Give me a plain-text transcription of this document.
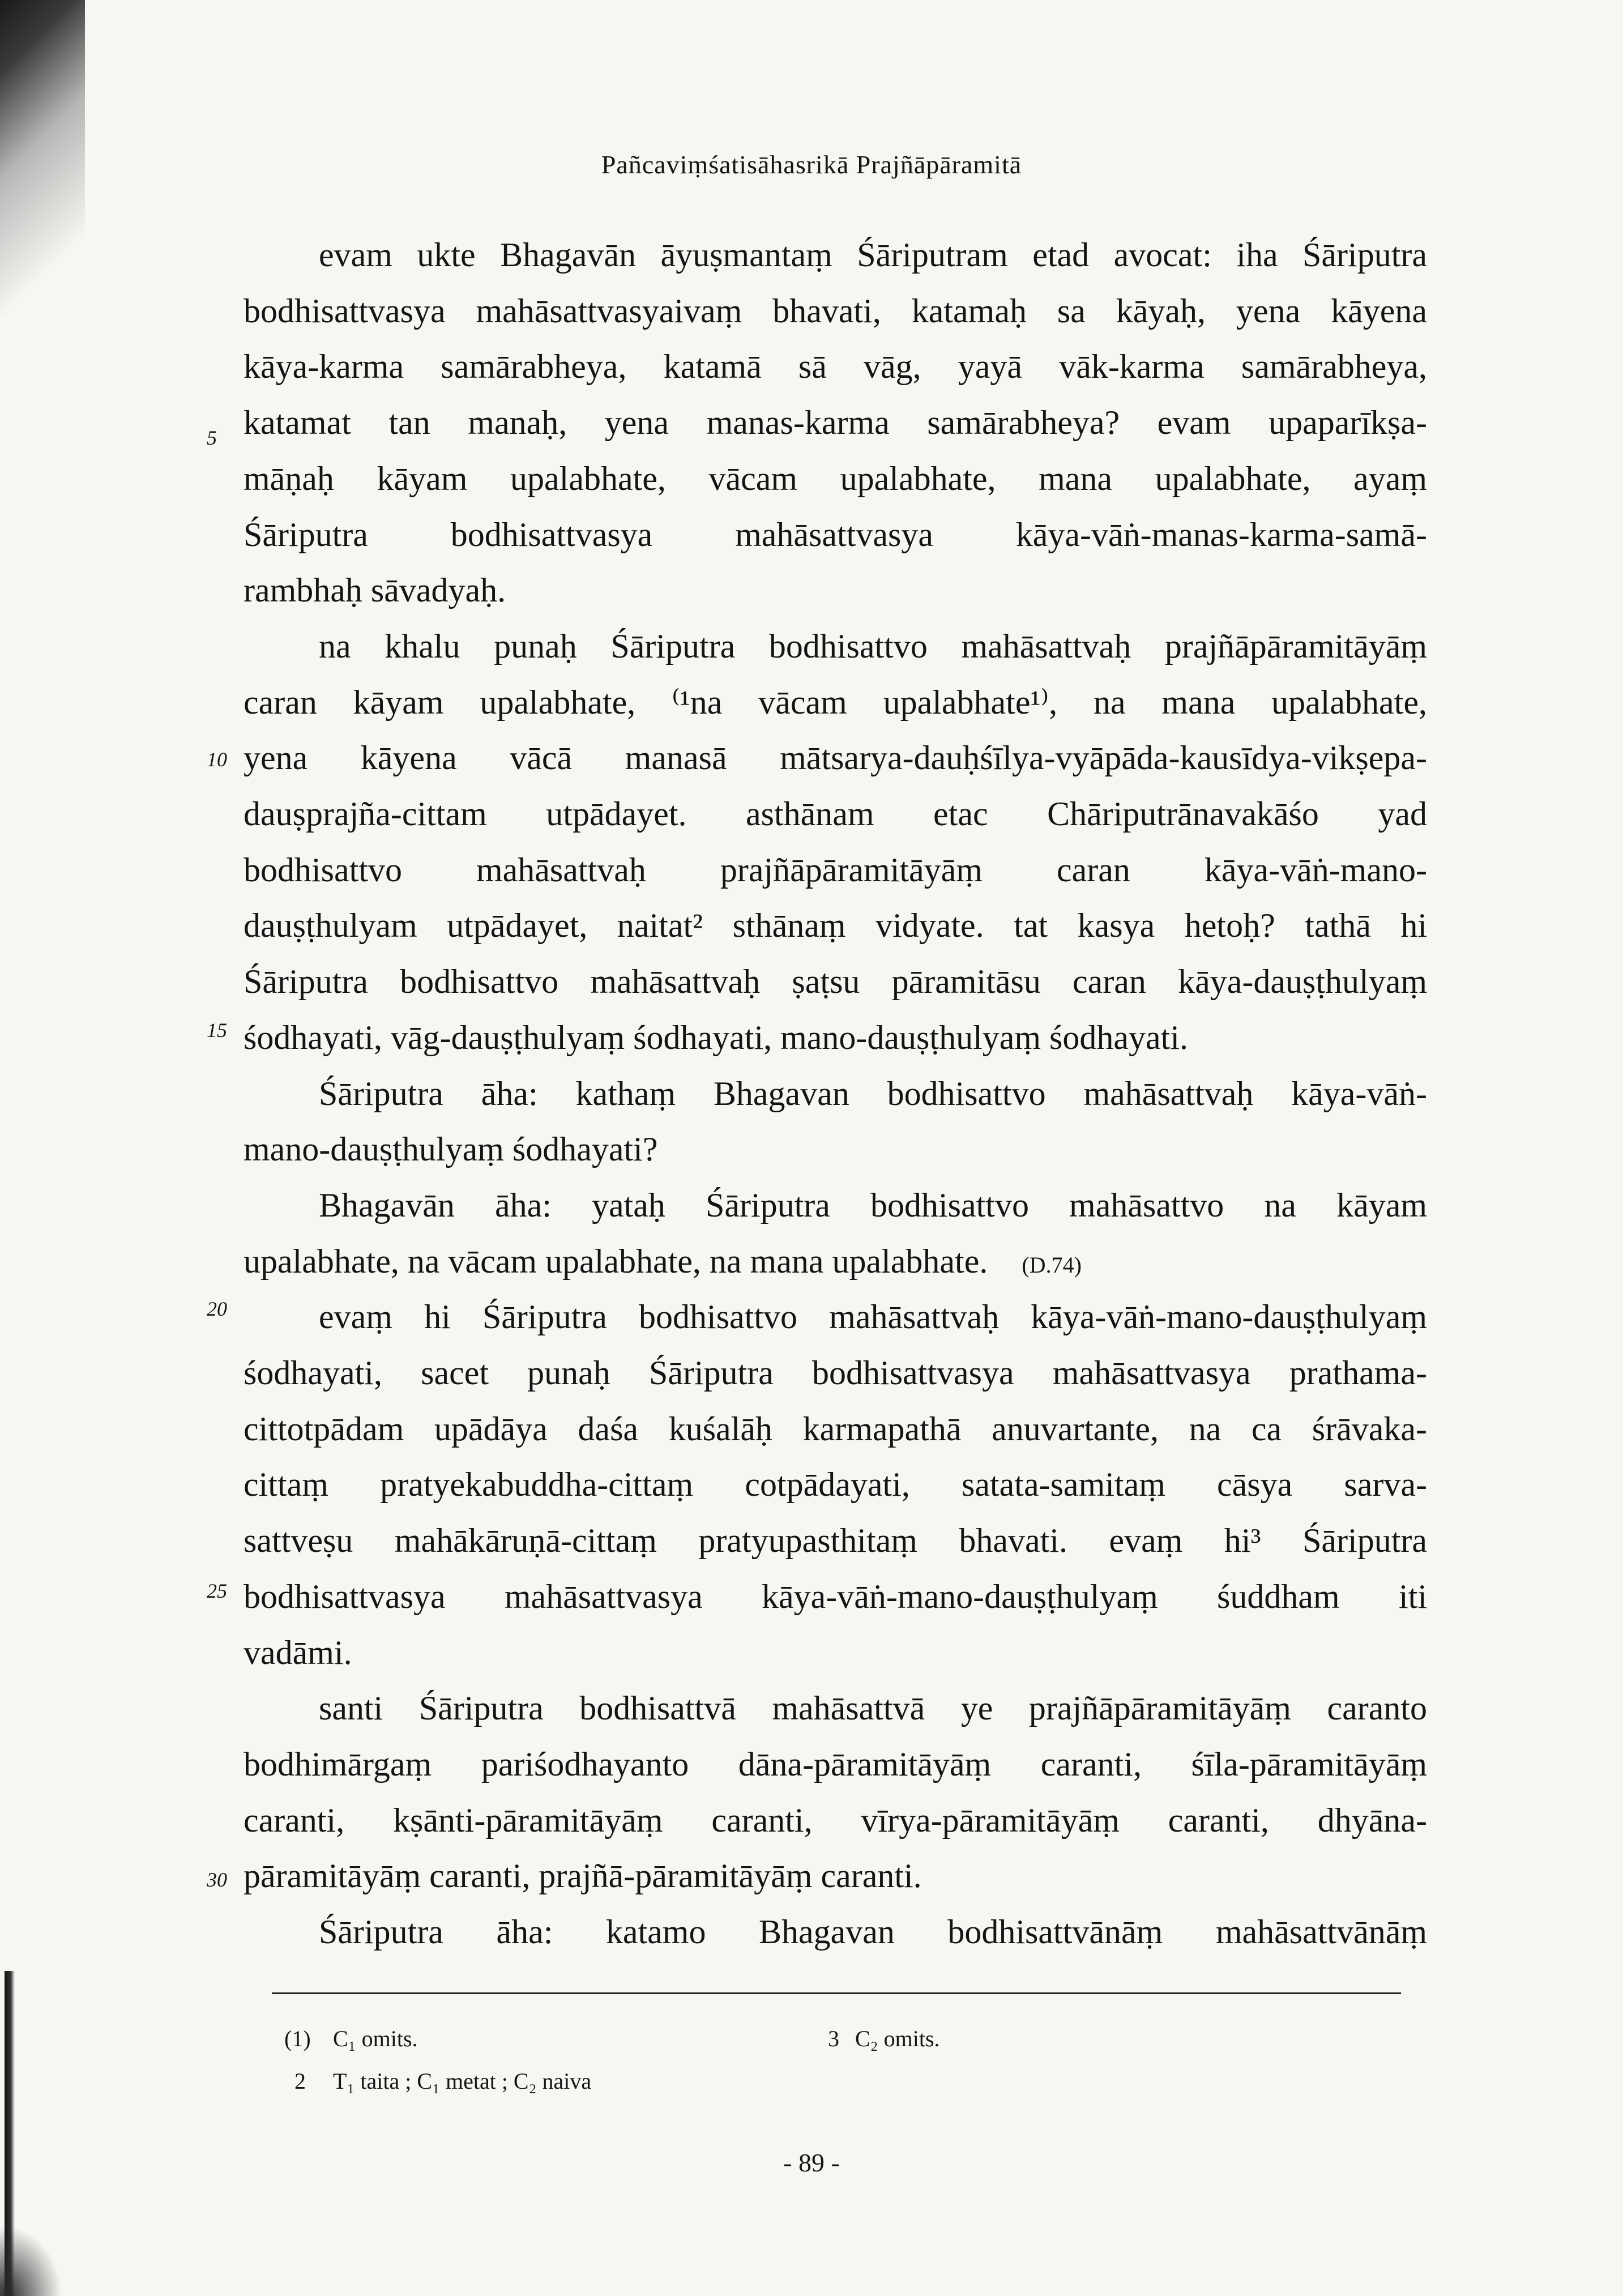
Pañcaviṃśatisāhasrikā Prajñāpāramitā
evam ukte Bhagavān āyuṣmantaṃ Śāriputram etad avocat: iha Śāriputra
bodhisattvasya mahāsattvasyaivaṃ bhavati, katamaḥ sa kāyaḥ, yena kāyena
kāya-karma samārabheya, katamā sā vāg, yayā vāk-karma samārabheya,
katamat tan manaḥ, yena manas-karma samārabheya? evam upaparīkṣa-
māṇaḥ kāyam upalabhate, vācam upalabhate, mana upalabhate, ayaṃ
Śāriputra bodhisattvasya mahāsattvasya kāya-vāṅ-manas-karma-samā-
rambhaḥ sāvadyaḥ.
na khalu punaḥ Śāriputra bodhisattvo mahāsattvaḥ prajñāpāramitāyāṃ
caran kāyam upalabhate, ⁽¹na vācam upalabhate¹⁾, na mana upalabhate,
yena kāyena vācā manasā mātsarya-dauḥśīlya-vyāpāda-kausīdya-vikṣepa-
dauṣprajña-cittam utpādayet. asthānam etac Chāriputrānavakāśo yad
bodhisattvo mahāsattvaḥ prajñāpāramitāyāṃ caran kāya-vāṅ-mano-
dauṣṭhulyam utpādayet, naitat² sthānaṃ vidyate. tat kasya hetoḥ? tathā hi
Śāriputra bodhisattvo mahāsattvaḥ ṣaṭsu pāramitāsu caran kāya-dauṣṭhulyaṃ
śodhayati, vāg-dauṣṭhulyaṃ śodhayati, mano-dauṣṭhulyaṃ śodhayati.
Śāriputra āha: kathaṃ Bhagavan bodhisattvo mahāsattvaḥ kāya-vāṅ-
mano-dauṣṭhulyaṃ śodhayati?
Bhagavān āha: yataḥ Śāriputra bodhisattvo mahāsattvo na kāyam
upalabhate, na vācam upalabhate, na mana upalabhate. (D.74)
evaṃ hi Śāriputra bodhisattvo mahāsattvaḥ kāya-vāṅ-mano-dauṣṭhulyaṃ
śodhayati, sacet punaḥ Śāriputra bodhisattvasya mahāsattvasya prathama-
cittotpādam upādāya daśa kuśalāḥ karmapathā anuvartante, na ca śrāvaka-
cittaṃ pratyekabuddha-cittaṃ cotpādayati, satata-samitaṃ cāsya sarva-
sattveṣu mahākāruṇā-cittaṃ pratyupasthitaṃ bhavati. evaṃ hi³ Śāriputra
bodhisattvasya mahāsattvasya kāya-vāṅ-mano-dauṣṭhulyaṃ śuddham iti
vadāmi.
santi Śāriputra bodhisattvā mahāsattvā ye prajñāpāramitāyāṃ caranto
bodhimārgaṃ pariśodhayanto dāna-pāramitāyāṃ caranti, śīla-pāramitāyāṃ
caranti, kṣānti-pāramitāyāṃ caranti, vīrya-pāramitāyāṃ caranti, dhyāna-
pāramitāyāṃ caranti, prajñā-pāramitāyāṃ caranti.
Śāriputra āha: katamo Bhagavan bodhisattvānāṃ mahāsattvānāṃ
5
10
15
20
25
30
(1) C₁ omits.
2 T₁ taita ; C₁ metat ; C₂ naiva
3 C₂ omits.
- 89 -
